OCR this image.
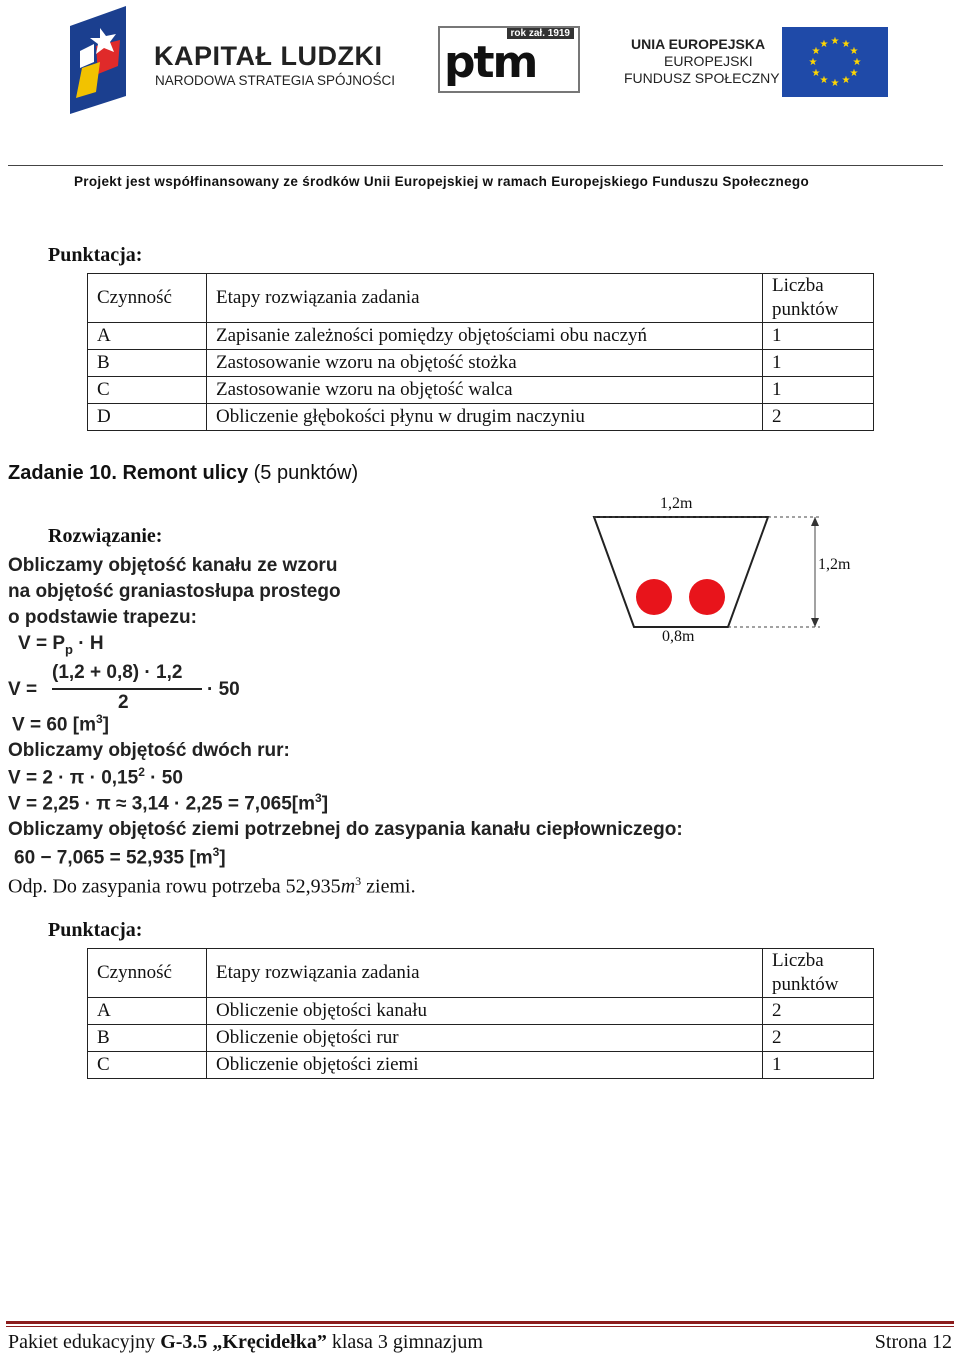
KAPITAŁ LUDZKI
NARODOWA STRATEGIA SPÓJNOŚCI
rok zał. 1919
ptm	UNIA EUROPEJSKA
EUROPEJSKI
FUNDUSZ SPOŁECZNY
★ ★
★
★
★
★
★
★
★
★
★
★
Projekt jest współfinansowany ze środków Unii Europejskiej w ramach Europejskiego Funduszu Społecznego
Punktacja:
Czynność	Etapy rozwiązania zadania	Liczba
punktów
A	Zapisanie zależności pomiędzy objętościami obu naczyń	1
B	Zastosowanie wzoru na objętość stożka	1
C	Zastosowanie wzoru na objętość walca	1
D	Obliczenie głębokości płynu w drugim naczyniu	2
Zadanie 10. Remont ulicy (5 punktów)
1,2m
1,2m
0,8m
Rozwiązanie:
Obliczamy objętość kanału ze wzoru
na objętość graniastosłupa prostego
o podstawie trapezu:
$V = P_p \cdot H$
V =
(1,2 + 0,8) · 1,2
2
· 50
V = 60 $[m^3]$
Obliczamy objętość dwóch rur:
$V = 2 \cdot \pi \cdot 0,15^2 \cdot 50$
$V = 2,25 \cdot \pi \approx 3,14 \cdot 2,25 = 7,065[m^3]$
Obliczamy objętość ziemi potrzebnej do zasypania kanału ciepłowniczego:
60 − 7,065 = 52,935 $[m^3]$
Odp. Do zasypania rowu potrzeba $52,935m^3$ ziemi.
Punktacja:
Czynność	Etapy rozwiązania zadania	Liczba
punktów
A	Obliczenie objętości kanału	2
B	Obliczenie objętości rur	2
C	Obliczenie objętości ziemi	1
Pakiet edukacyjny G-3.5 „Kręcidełka” klasa 3 gimnazjum	Strona 12
